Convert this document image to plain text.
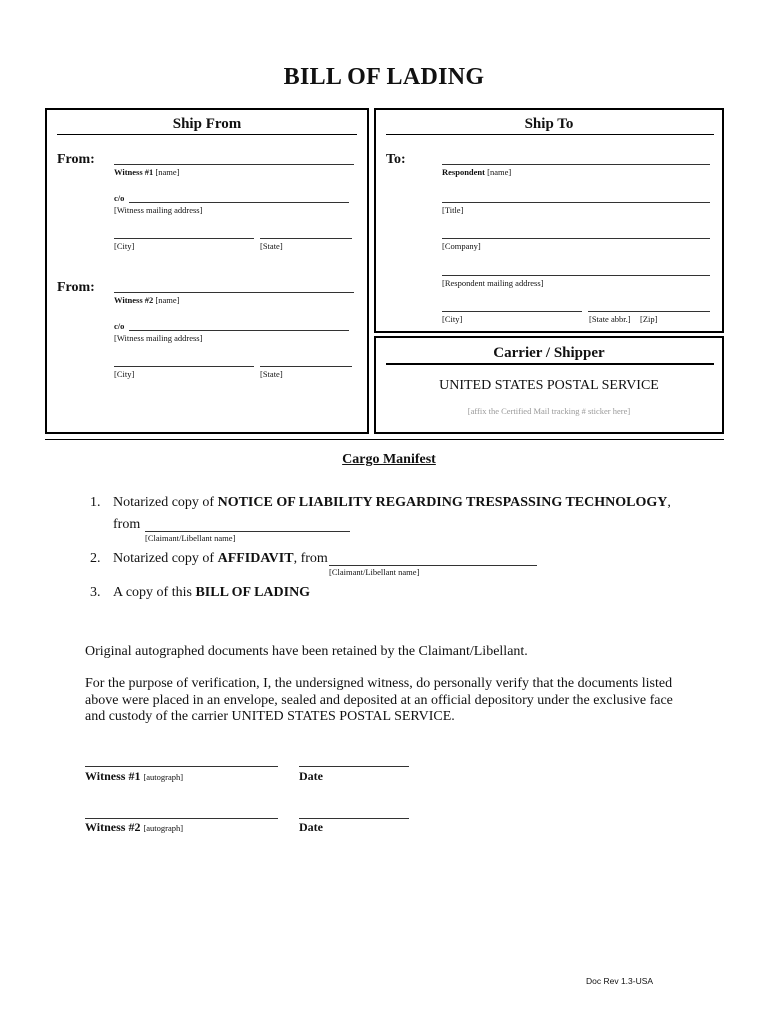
BILL OF LADING
Ship From
From:
Witness #1 [name]
c/o
[Witness mailing address]
[City]	[State]
From:
Witness #2 [name]
c/o
[Witness mailing address]
[City]	[State]
Ship To
To:
Respondent [name]
[Title]
[Company]
[Respondent mailing address]
[City]	[State abbr.] [Zip]
Carrier / Shipper
UNITED STATES POSTAL SERVICE
[affix the Certified Mail tracking # sticker here]
Cargo Manifest
1. Notarized copy of NOTICE OF LIABILITY REGARDING TRESPASSING TECHNOLOGY,
from
[Claimant/Libellant name]
2. Notarized copy of AFFIDAVIT, from
[Claimant/Libellant name]
3. A copy of this BILL OF LADING
Original autographed documents have been retained by the Claimant/Libellant.
For the purpose of verification, I, the undersigned witness, do personally verify that the documents listed above were placed in an envelope, sealed and deposited at an official depository under the exclusive face and custody of the carrier UNITED STATES POSTAL SERVICE.
Witness #1 [autograph]	Date
Witness #2 [autograph]	Date
Doc Rev 1.3-USA
